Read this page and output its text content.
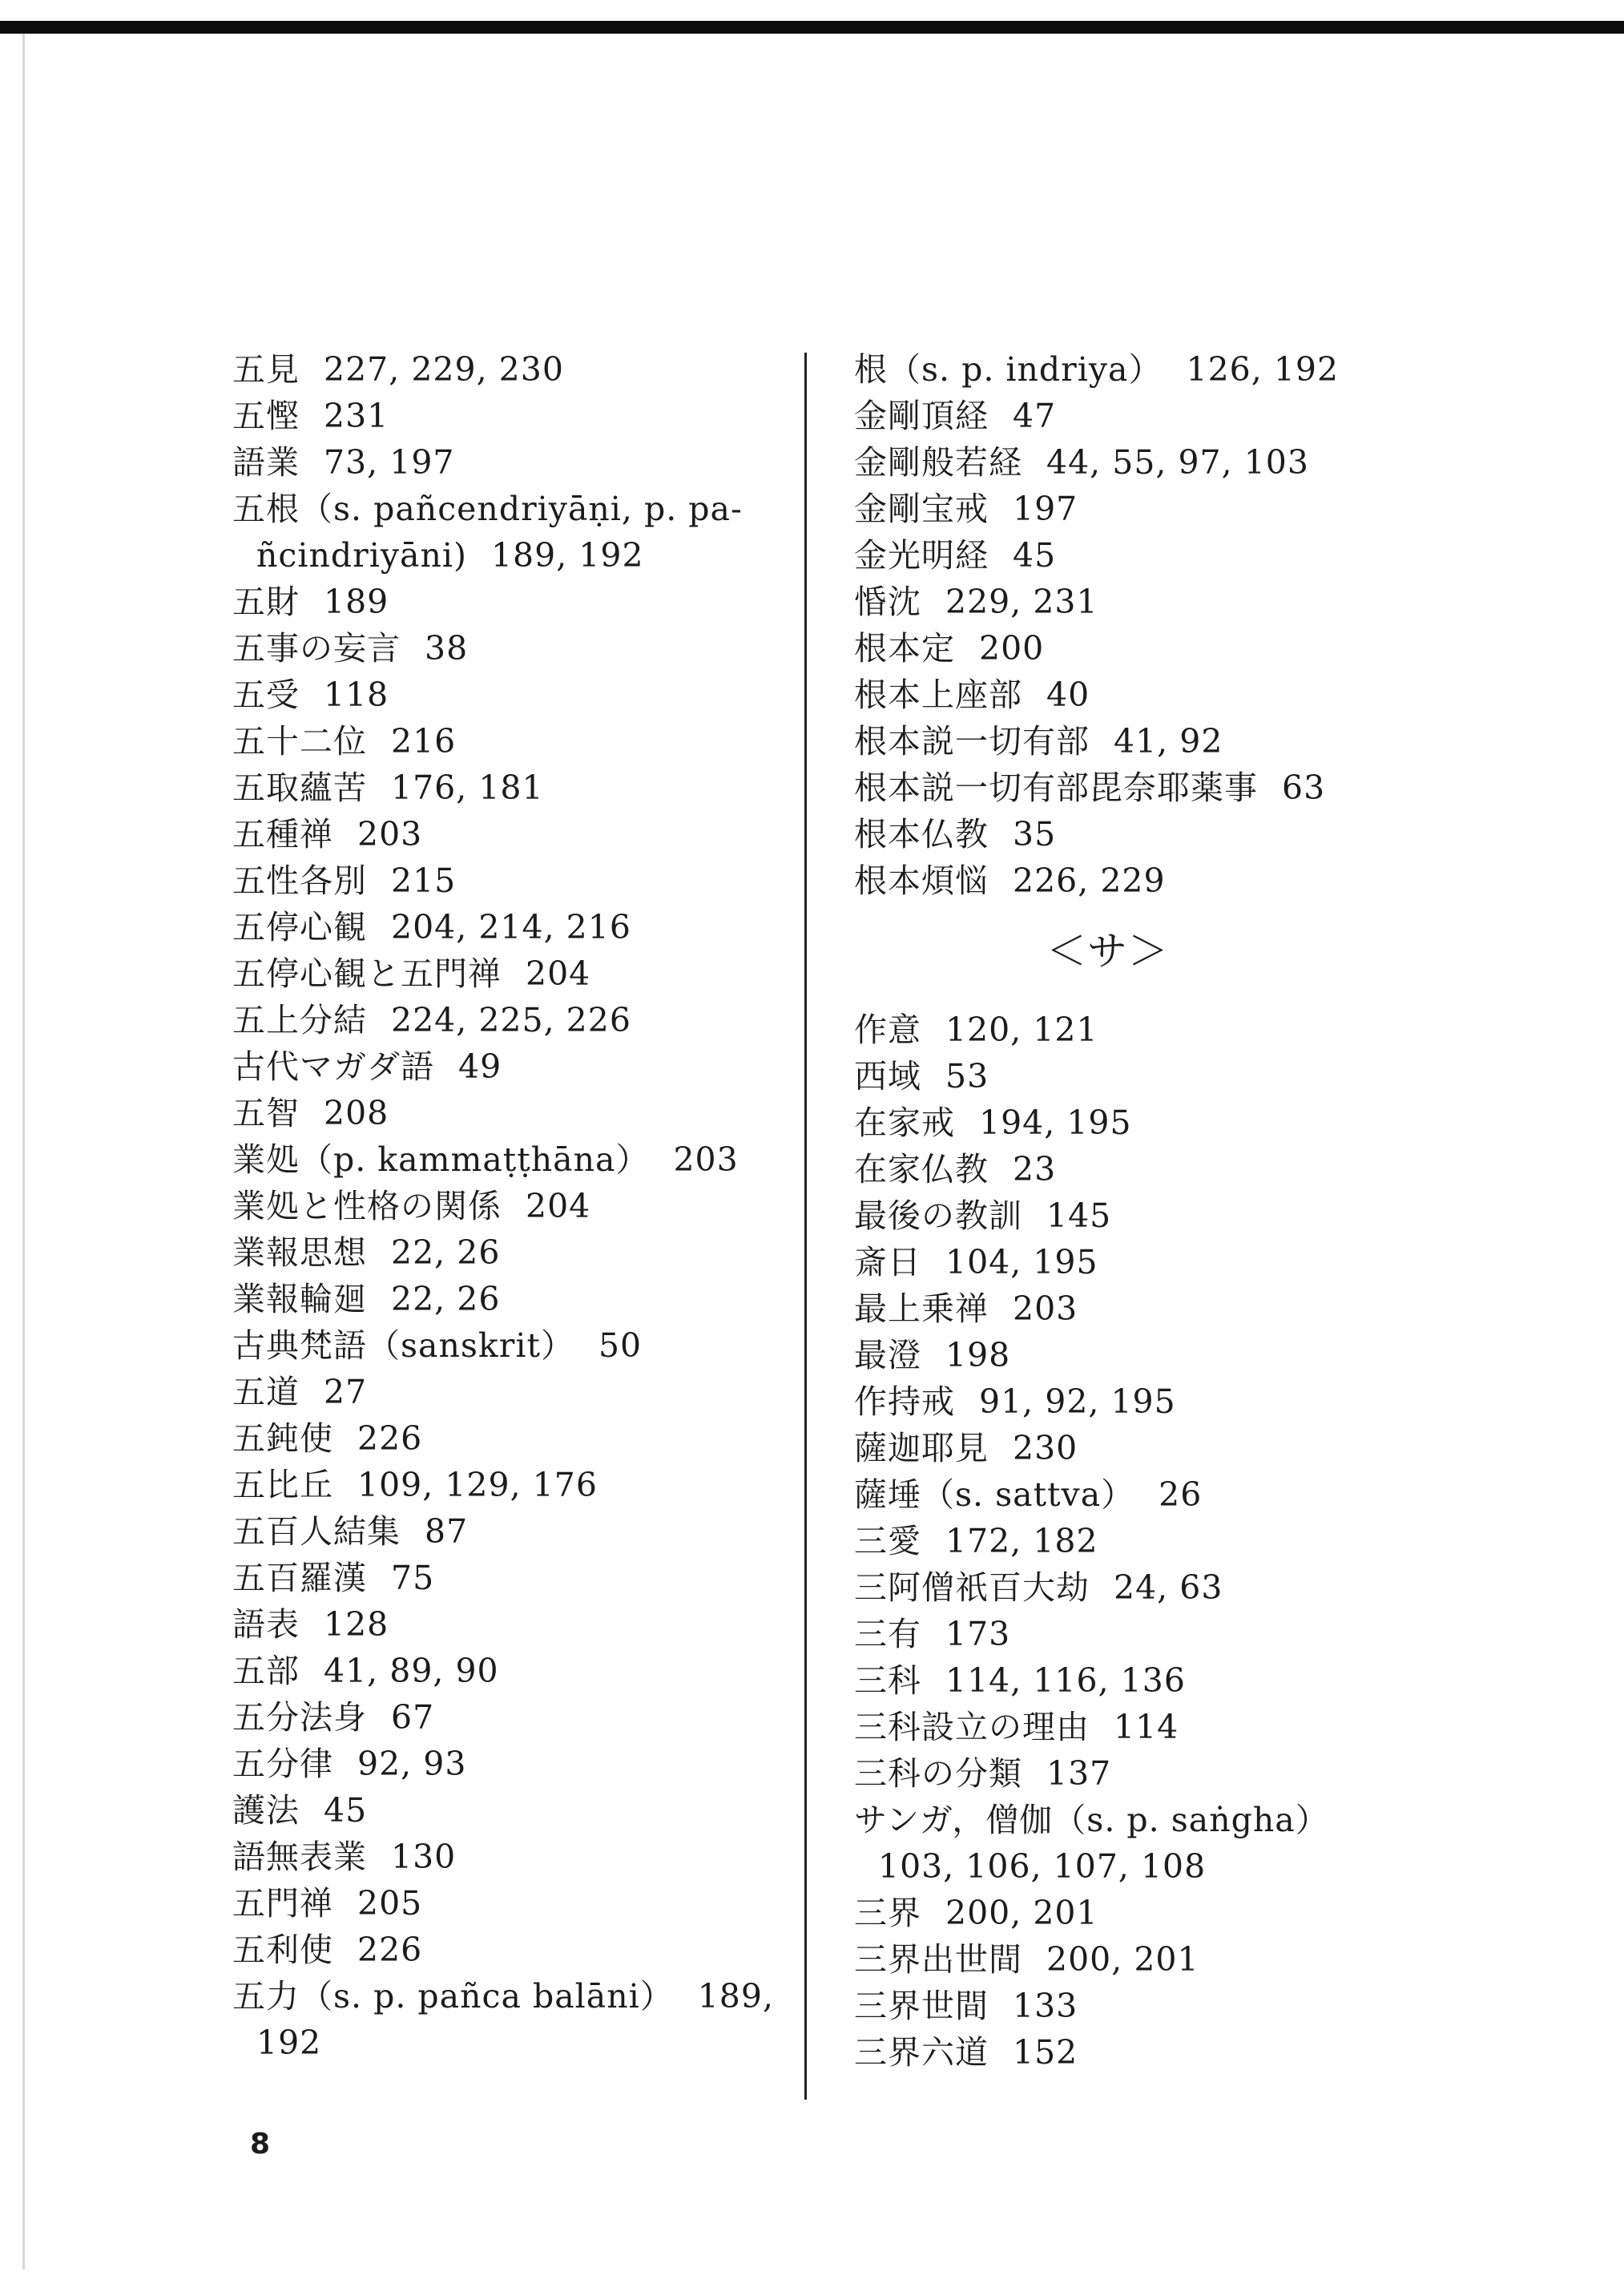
五見 227, 229, 230
五慳 231
語業 73, 197
五根（s. pañcendriyāṇi, p. pa-
ñcindriyāni) 189, 192
五財 189
五事の妄言 38
五受 118
五十二位 216
五取蘊苦 176, 181
五種禅 203
五性各別 215
五停心観 204, 214, 216
五停心観と五門禅 204
五上分結 224, 225, 226
古代マガダ語 49
五智 208
業処（p. kammaṭṭhāna） 203
業処と性格の関係 204
業報思想 22, 26
業報輪廻 22, 26
古典梵語（sanskrit） 50
五道 27
五鈍使 226
五比丘 109, 129, 176
五百人結集 87
五百羅漢 75
語表 128
五部 41, 89, 90
五分法身 67
五分律 92, 93
護法 45
語無表業 130
五門禅 205
五利使 226
五力（s. p. pañca balāni） 189,
192
根（s. p. indriya） 126, 192
金剛頂経 47
金剛般若経 44, 55, 97, 103
金剛宝戒 197
金光明経 45
惛沈 229, 231
根本定 200
根本上座部 40
根本説一切有部 41, 92
根本説一切有部毘奈耶薬事 63
根本仏教 35
根本煩悩 226, 229
＜サ＞
作意 120, 121
西域 53
在家戒 194, 195
在家仏教 23
最後の教訓 145
斎日 104, 195
最上乗禅 203
最澄 198
作持戒 91, 92, 195
薩迦耶見 230
薩埵（s. sattva） 26
三愛 172, 182
三阿僧祇百大劫 24, 63
三有 173
三科 114, 116, 136
三科設立の理由 114
三科の分類 137
サンガ，僧伽（s. p. saṅgha）
103, 106, 107, 108
三界 200, 201
三界出世間 200, 201
三界世間 133
三界六道 152
8
